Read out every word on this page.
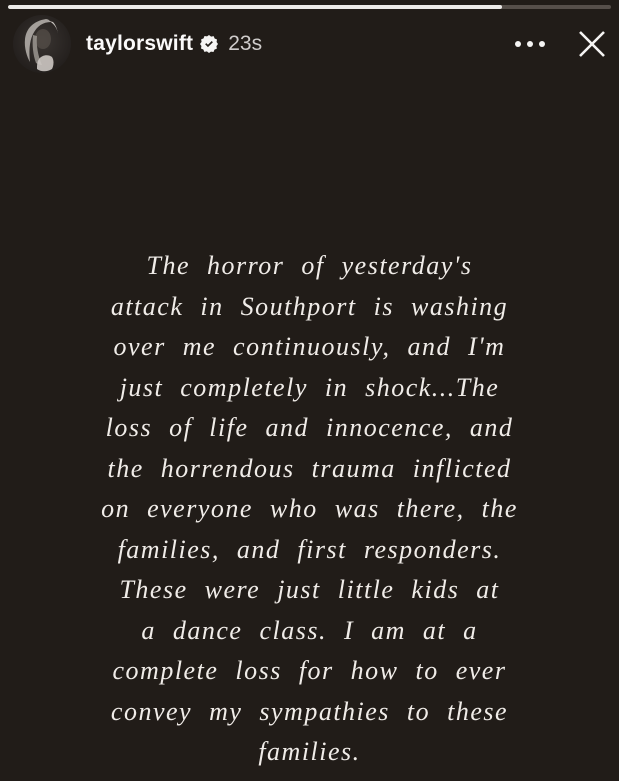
taylorswift 23s
The horror of yesterday's
attack in Southport is washing
over me continuously, and I'm
just completely in shock...The
loss of life and innocence, and
the horrendous trauma inflicted
on everyone who was there, the
families, and first responders.
These were just little kids at
a dance class. I am at a
complete loss for how to ever
convey my sympathies to these
families.
